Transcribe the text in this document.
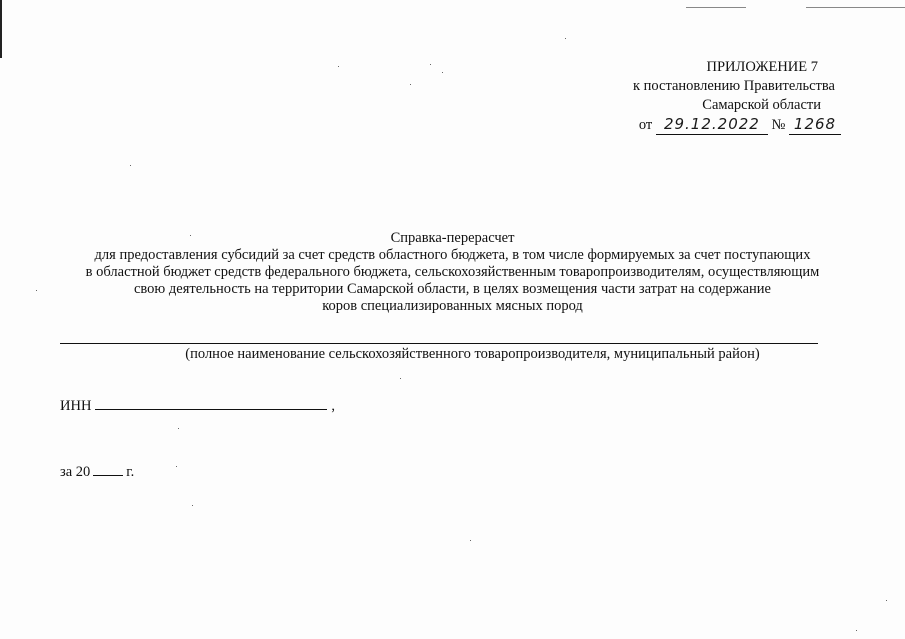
ПРИЛОЖЕНИЕ 7
к постановлению Правительства
Самарской области
от 29.12.2022 № 1268
Справка-перерасчет
для предоставления субсидий за счет средств областного бюджета, в том числе формируемых за счет поступающих
в областной бюджет средств федерального бюджета, сельскохозяйственным товаропроизводителям, осуществляющим
свою деятельность на территории Самарской области, в целях возмещения части затрат на содержание
коров специализированных мясных пород
(полное наименование сельскохозяйственного товаропроизводителя, муниципальный район)
ИНН	,
за 20 г.
